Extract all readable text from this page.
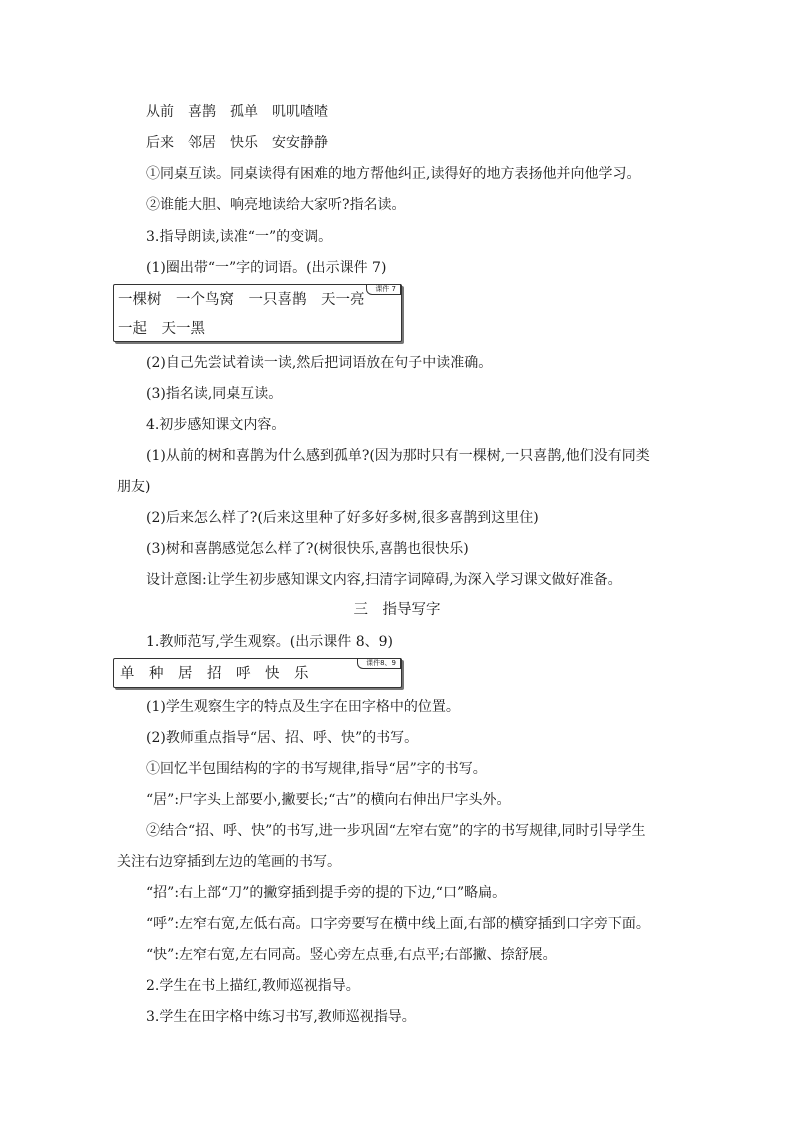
从前　喜鹊　孤单　叽叽喳喳
后来　邻居　快乐　安安静静
①同桌互读。同桌读得有困难的地方帮他纠正,读得好的地方表扬他并向他学习。
②谁能大胆、响亮地读给大家听?指名读。
3.指导朗读,读准“一”的变调。
(1)圈出带“一”字的词语。(出示课件 7)
课件 7
一棵树　一个鸟窝　一只喜鹊　天一亮
一起　天一黑
(2)自己先尝试着读一读,然后把词语放在句子中读准确。
(3)指名读,同桌互读。
4.初步感知课文内容。
(1)从前的树和喜鹊为什么感到孤单?(因为那时只有一棵树,一只喜鹊,他们没有同类
朋友)
(2)后来怎么样了?(后来这里种了好多好多树,很多喜鹊到这里住)
(3)树和喜鹊感觉怎么样了?(树很快乐,喜鹊也很快乐)
设计意图:让学生初步感知课文内容,扫清字词障碍,为深入学习课文做好准备。
三　指导写字
1.教师范写,学生观察。(出示课件 8、9)
课件8、9
单　种　居　招　呼　快　乐
(1)学生观察生字的特点及生字在田字格中的位置。
(2)教师重点指导“居、招、呼、快”的书写。
①回忆半包围结构的字的书写规律,指导“居”字的书写。
“居”:尸字头上部要小,撇要长;“古”的横向右伸出尸字头外。
②结合“招、呼、快”的书写,进一步巩固“左窄右宽”的字的书写规律,同时引导学生
关注右边穿插到左边的笔画的书写。
“招”:右上部“刀”的撇穿插到提手旁的提的下边,“口”略扁。
“呼”:左窄右宽,左低右高。口字旁要写在横中线上面,右部的横穿插到口字旁下面。
“快”:左窄右宽,左右同高。竖心旁左点垂,右点平;右部撇、捺舒展。
2.学生在书上描红,教师巡视指导。
3.学生在田字格中练习书写,教师巡视指导。
